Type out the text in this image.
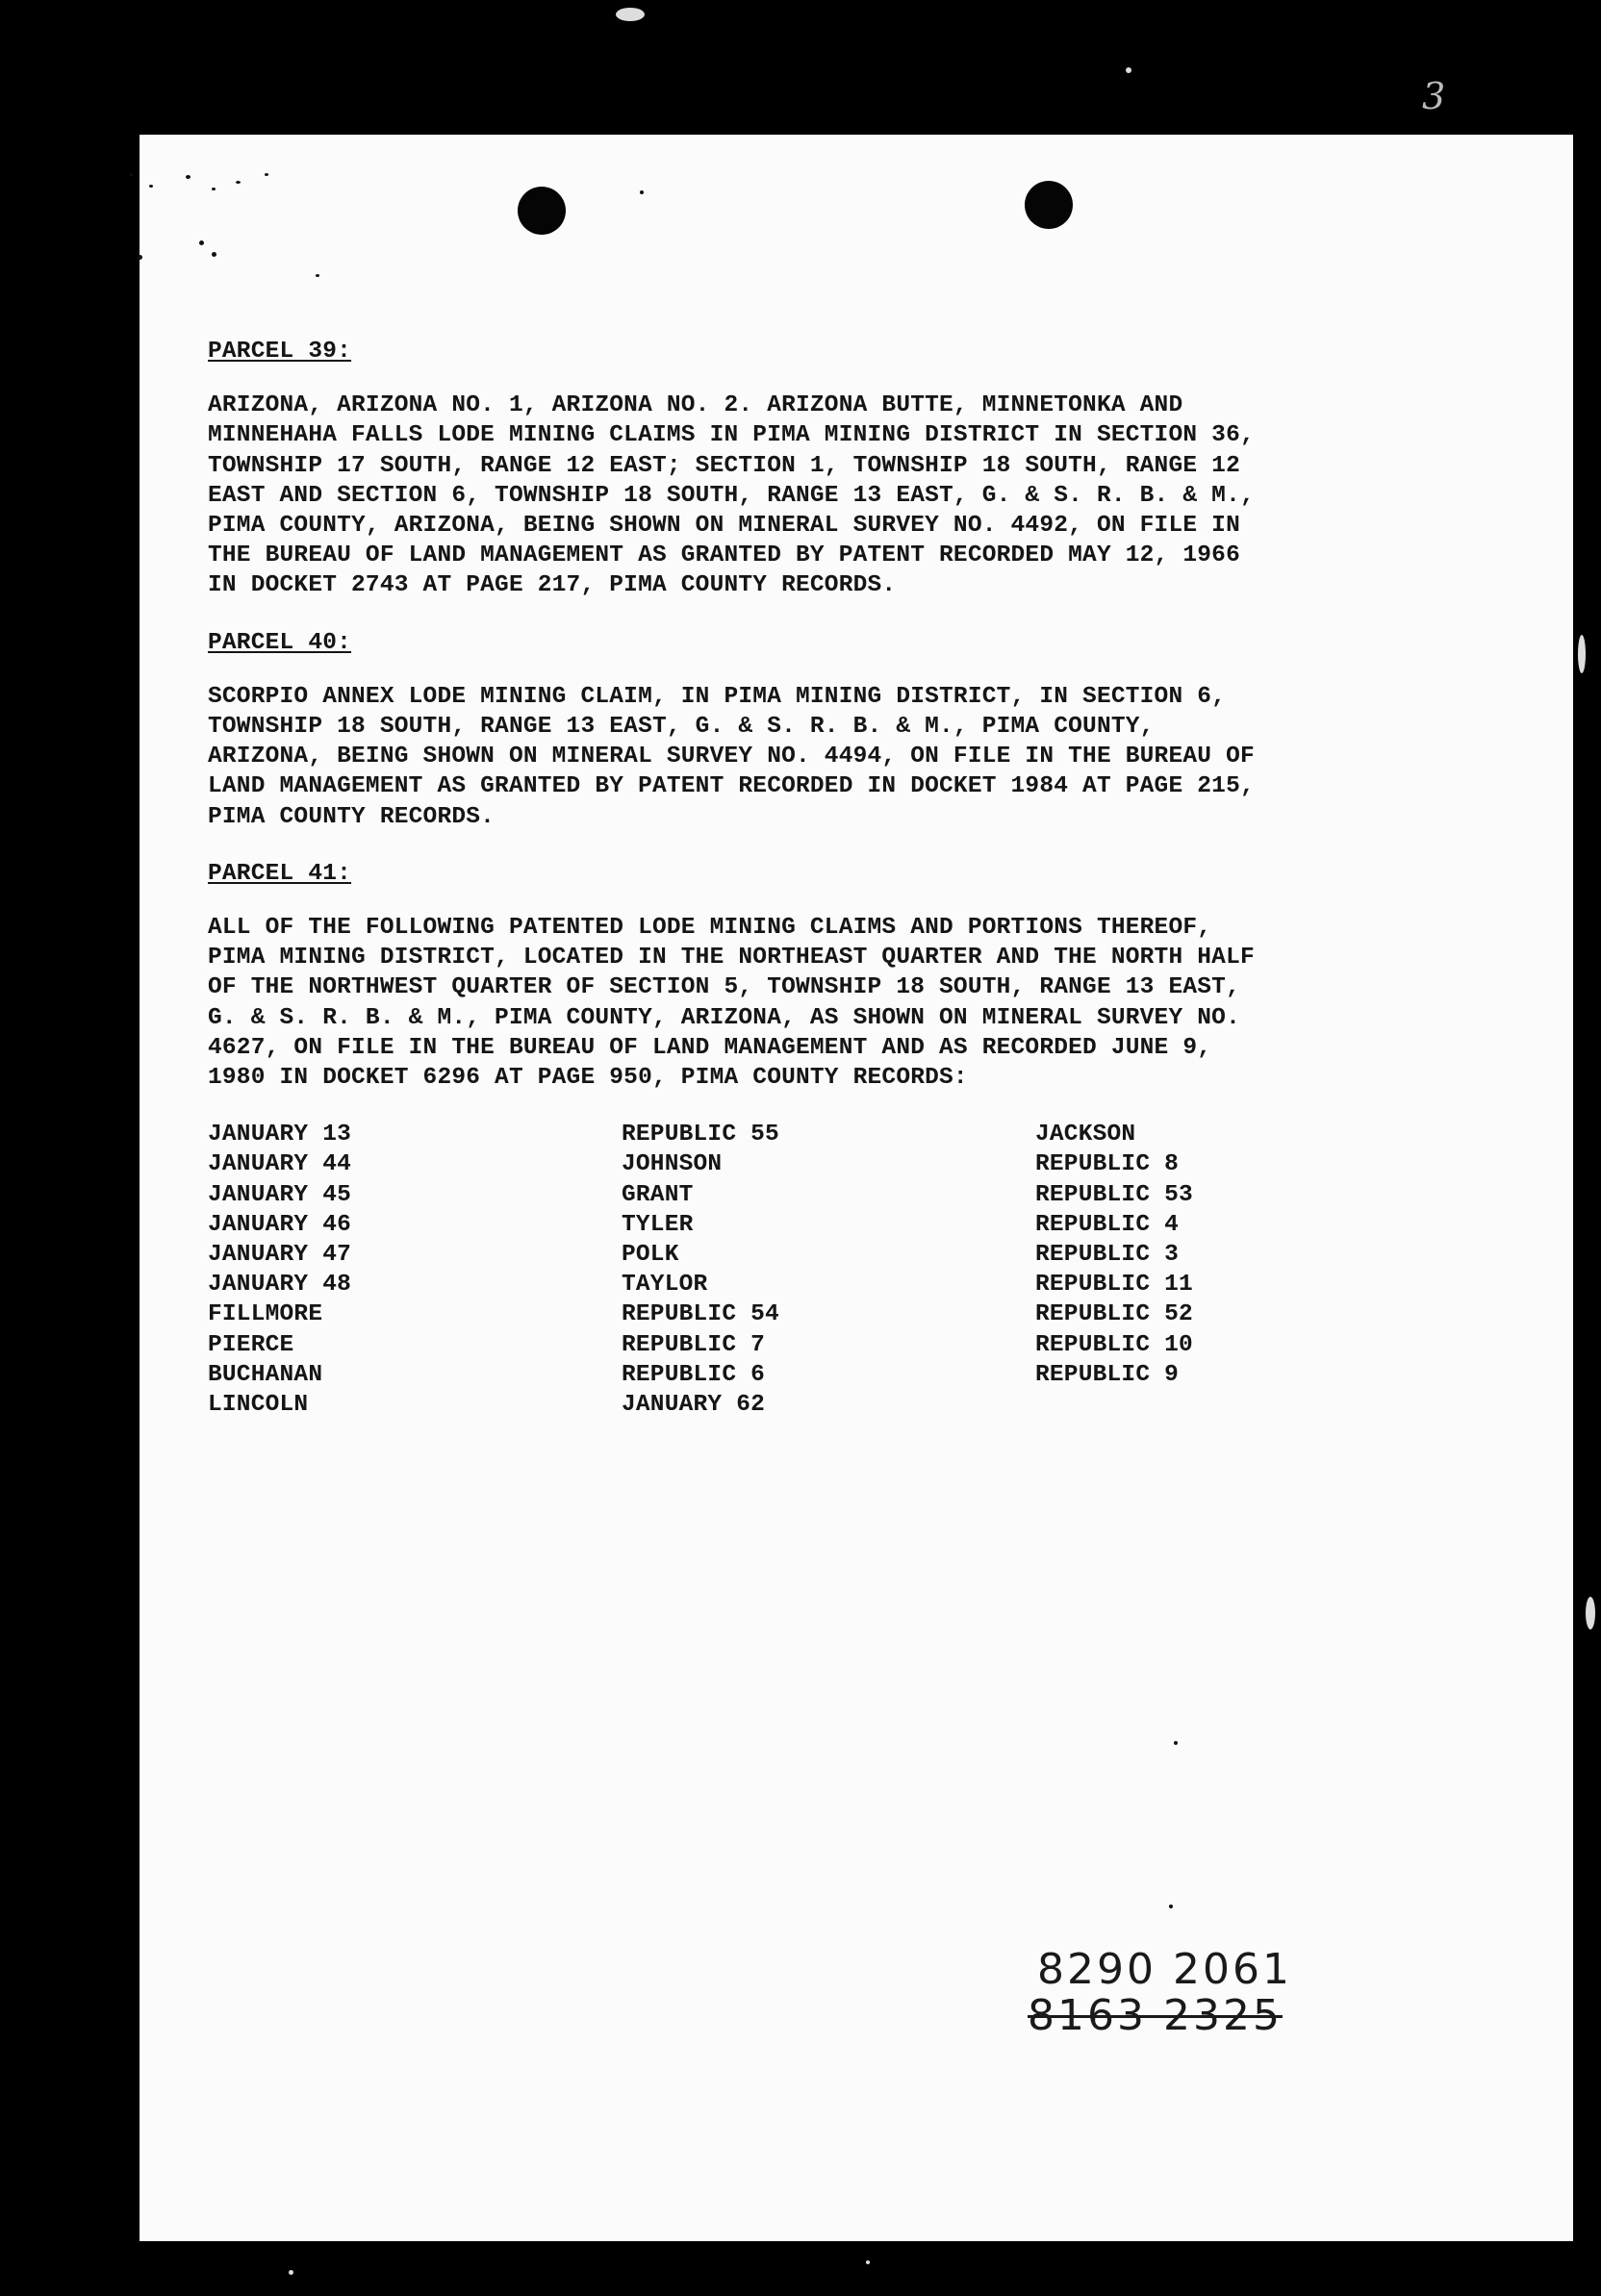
3
PARCEL 39:
ARIZONA, ARIZONA NO. 1, ARIZONA NO. 2. ARIZONA BUTTE, MINNETONKA AND
MINNEHAHA FALLS LODE MINING CLAIMS IN PIMA MINING DISTRICT IN SECTION 36,
TOWNSHIP 17 SOUTH, RANGE 12 EAST; SECTION 1, TOWNSHIP 18 SOUTH, RANGE 12
EAST AND SECTION 6, TOWNSHIP 18 SOUTH, RANGE 13 EAST, G. & S. R. B. & M.,
PIMA COUNTY, ARIZONA, BEING SHOWN ON MINERAL SURVEY NO. 4492, ON FILE IN
THE BUREAU OF LAND MANAGEMENT AS GRANTED BY PATENT RECORDED MAY 12, 1966
IN DOCKET 2743 AT PAGE 217, PIMA COUNTY RECORDS.
PARCEL 40:
SCORPIO ANNEX LODE MINING CLAIM, IN PIMA MINING DISTRICT, IN SECTION 6,
TOWNSHIP 18 SOUTH, RANGE 13 EAST, G. & S. R. B. & M., PIMA COUNTY,
ARIZONA, BEING SHOWN ON MINERAL SURVEY NO. 4494, ON FILE IN THE BUREAU OF
LAND MANAGEMENT AS GRANTED BY PATENT RECORDED IN DOCKET 1984 AT PAGE 215,
PIMA COUNTY RECORDS.
PARCEL 41:
ALL OF THE FOLLOWING PATENTED LODE MINING CLAIMS AND PORTIONS THEREOF,
PIMA MINING DISTRICT, LOCATED IN THE NORTHEAST QUARTER AND THE NORTH HALF
OF THE NORTHWEST QUARTER OF SECTION 5, TOWNSHIP 18 SOUTH, RANGE 13 EAST,
G. & S. R. B. & M., PIMA COUNTY, ARIZONA, AS SHOWN ON MINERAL SURVEY NO.
4627, ON FILE IN THE BUREAU OF LAND MANAGEMENT AND AS RECORDED JUNE 9,
1980 IN DOCKET 6296 AT PAGE 950, PIMA COUNTY RECORDS:
JANUARY 13
JANUARY 44
JANUARY 45
JANUARY 46
JANUARY 47
JANUARY 48
FILLMORE
PIERCE
BUCHANAN
LINCOLN
REPUBLIC 55
JOHNSON
GRANT
TYLER
POLK
TAYLOR
REPUBLIC 54
REPUBLIC 7
REPUBLIC 6
JANUARY 62
JACKSON
REPUBLIC 8
REPUBLIC 53
REPUBLIC 4
REPUBLIC 3
REPUBLIC 11
REPUBLIC 52
REPUBLIC 10
REPUBLIC 9
8290 2061
8163 2325
